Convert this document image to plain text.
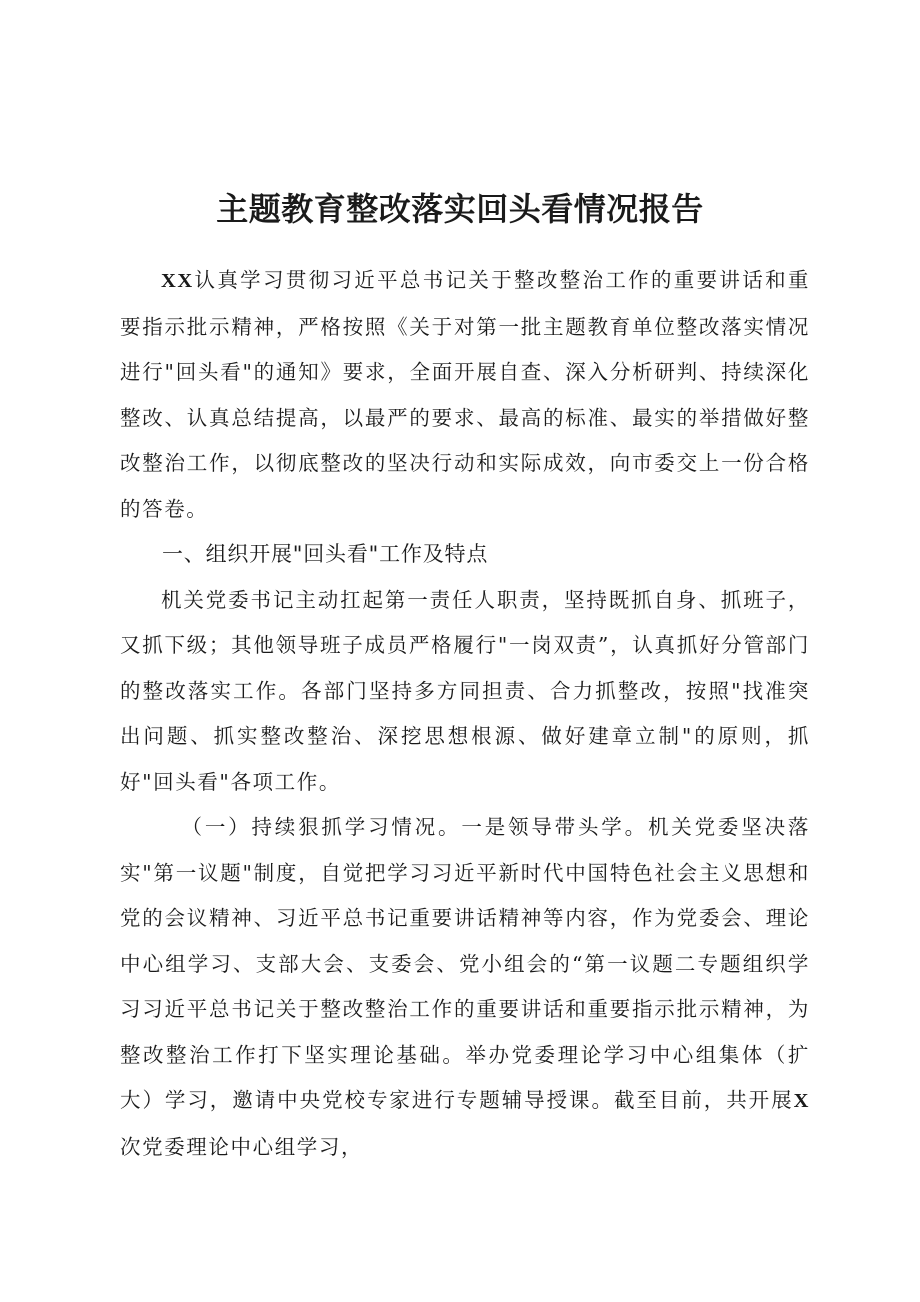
主题教育整改落实回头看情况报告

XX认真学习贯彻习近平总书记关于整改整治工作的重要讲话和重要指示批示精神，严格按照《关于对第一批主题教育单位整改落实情况进行"回头看"的通知》要求，全面开展自查、深入分析研判、持续深化整改、认真总结提高，以最严的要求、最高的标准、最实的举措做好整改整治工作，以彻底整改的坚决行动和实际成效，向市委交上一份合格的答卷。

一、组织开展"回头看"工作及特点

机关党委书记主动扛起第一责任人职责，坚持既抓自身、抓班子，又抓下级；其他领导班子成员严格履行"一岗双责”，认真抓好分管部门的整改落实工作。各部门坚持多方同担责、合力抓整改，按照"找准突出问题、抓实整改整治、深挖思想根源、做好建章立制"的原则，抓好"回头看"各项工作。

（一）持续狠抓学习情况。一是领导带头学。机关党委坚决落实"第一议题"制度，自觉把学习习近平新时代中国特色社会主义思想和党的会议精神、习近平总书记重要讲话精神等内容，作为党委会、理论中心组学习、支部大会、支委会、党小组会的“第一议题二专题组织学习习近平总书记关于整改整治工作的重要讲话和重要指示批示精神，为整改整治工作打下坚实理论基础。举办党委理论学习中心组集体（扩大）学习，邀请中央党校专家进行专题辅导授课。截至目前，共开展X次党委理论中心组学习，
